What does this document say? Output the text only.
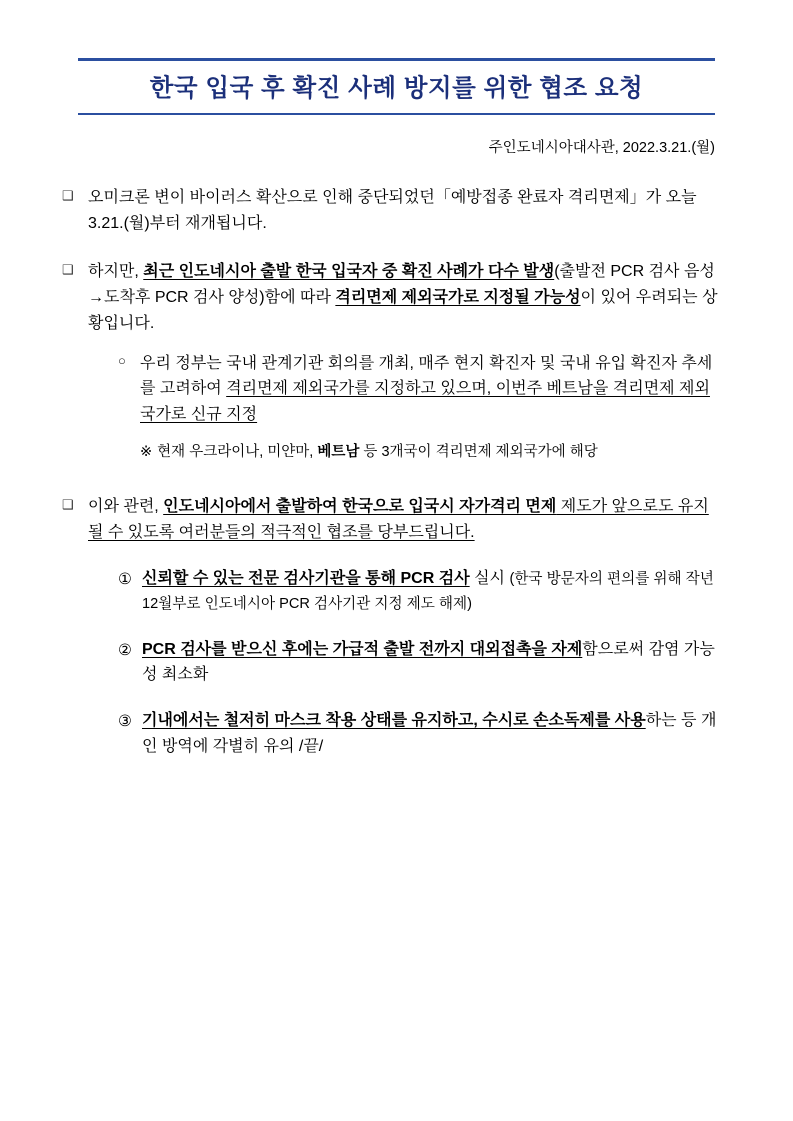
한국 입국 후 확진 사례 방지를 위한 협조 요청
주인도네시아대사관, 2022.3.21.(월)
❑ 오미크론 변이 바이러스 확산으로 인해 중단되었던「예방접종 완료자 격리면제」가 오늘 3.21.(월)부터 재개됩니다.
❑ 하지만, 최근 인도네시아 출발 한국 입국자 중 확진 사례가 다수 발생(출발전 PCR 검사 음성→도착후 PCR 검사 양성)함에 따라 격리면제 제외국가로 지정될 가능성이 있어 우려되는 상황입니다.
○ 우리 정부는 국내 관계기관 회의를 개최, 매주 현지 확진자 및 국내 유입 확진자 추세를 고려하여 격리면제 제외국가를 지정하고 있으며, 이번주 베트남을 격리면제 제외국가로 신규 지정
※ 현재 우크라이나, 미얀마, 베트남 등 3개국이 격리면제 제외국가에 해당
❑ 이와 관련, 인도네시아에서 출발하여 한국으로 입국시 자가격리 면제 제도가 앞으로도 유지될 수 있도록 여러분들의 적극적인 협조를 당부드립니다.
① 신뢰할 수 있는 전문 검사기관을 통해 PCR 검사 실시 (한국 방문자의 편의를 위해 작년 12월부로 인도네시아 PCR 검사기관 지정 제도 해제)
② PCR 검사를 받으신 후에는 가급적 출발 전까지 대외접촉을 자제함으로써 감염 가능성 최소화
③ 기내에서는 철저히 마스크 착용 상태를 유지하고, 수시로 손소독제를 사용하는 등 개인 방역에 각별히 유의 /끝/
